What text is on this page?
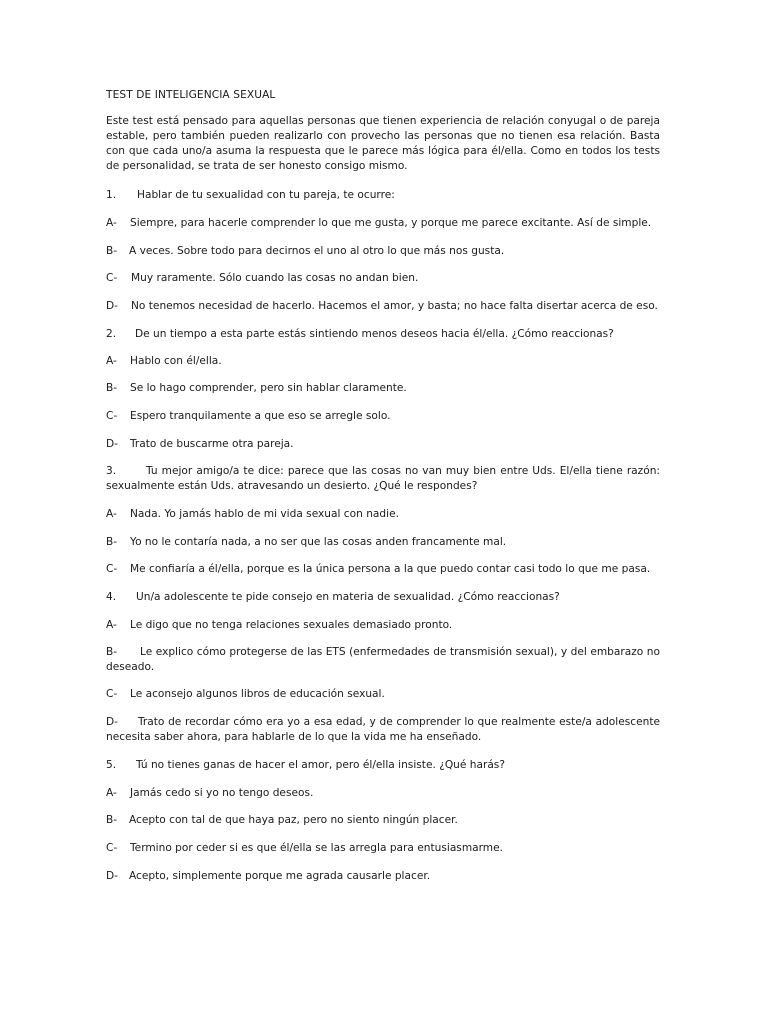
TEST DE INTELIGENCIA SEXUAL
Este test está pensado para aquellas personas que tienen experiencia de relación conyugal o de pareja estable, pero también pueden realizarlo con provecho las personas que no tienen esa relación. Basta con que cada uno/a asuma la respuesta que le parece más lógica para él/ella. Como en todos los tests de personalidad, se trata de ser honesto consigo mismo.
1. Hablar de tu sexualidad con tu pareja, te ocurre:
A- Siempre, para hacerle comprender lo que me gusta, y porque me parece excitante. Así de simple.
B- A veces. Sobre todo para decirnos el uno al otro lo que más nos gusta.
C- Muy raramente. Sólo cuando las cosas no andan bien.
D- No tenemos necesidad de hacerlo. Hacemos el amor, y basta; no hace falta disertar acerca de eso.
2. De un tiempo a esta parte estás sintiendo menos deseos hacia él/ella. ¿Cómo reaccionas?
A- Hablo con él/ella.
B- Se lo hago comprender, pero sin hablar claramente.
C- Espero tranquilamente a que eso se arregle solo.
D- Trato de buscarme otra pareja.
3.	Tu mejor amigo/a te dice: parece que las cosas no van muy bien entre Uds. El/ella tiene razón: sexualmente están Uds. atravesando un desierto. ¿Qué le respondes?
A- Nada. Yo jamás hablo de mi vida sexual con nadie.
B- Yo no le contaría nada, a no ser que las cosas anden francamente mal.
C- Me confiaría a él/ella, porque es la única persona a la que puedo contar casi todo lo que me pasa.
4. Un/a adolescente te pide consejo en materia de sexualidad. ¿Cómo reaccionas?
A- Le digo que no tenga relaciones sexuales demasiado pronto.
B- Le explico cómo protegerse de las ETS (enfermedades de transmisión sexual), y del embarazo no deseado.
C- Le aconsejo algunos libros de educación sexual.
D- Trato de recordar cómo era yo a esa edad, y de comprender lo que realmente este/a adolescente necesita saber ahora, para hablarle de lo que la vida me ha enseñado.
5. Tú no tienes ganas de hacer el amor, pero él/ella insiste. ¿Qué harás?
A- Jamás cedo si yo no tengo deseos.
B- Acepto con tal de que haya paz, pero no siento ningún placer.
C- Termino por ceder si es que él/ella se las arregla para entusiasmarme.
D- Acepto, simplemente porque me agrada causarle placer.
